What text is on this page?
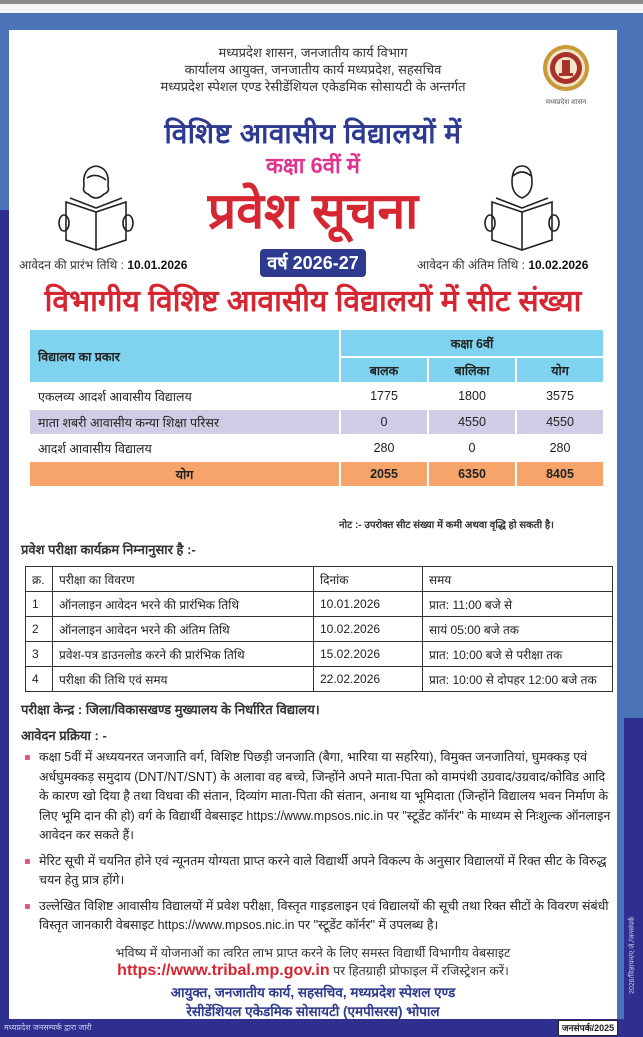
2026/विज्ञापन/ए.जे./जनसंपर्क
मध्यप्रदेश जनसम्पर्क द्वारा जारी	जनसंपर्क/2025
मध्यप्रदेश शासन, जनजातीय कार्य विभाग
कार्यालय आयुक्त, जनजातीय कार्य मध्यप्रदेश, सहसचिव
मध्यप्रदेश स्पेशल एण्ड रेसीडेंशियल एकेडमिक सोसायटी के अन्तर्गत
मध्यप्रदेश शासन
विशिष्ट आवासीय विद्यालयों में
कक्षा 6वीं में
प्रवेश सूचना
आवेदन की प्रारंभ तिथि : 10.01.2026	वर्ष 2026-27	आवेदन की अंतिम तिथि : 10.02.2026
विभागीय विशिष्ट आवासीय विद्यालयों में सीट संख्या
विद्यालय का प्रकार	कक्षा 6वीं		
	बालक	बालिका	योग
एकलव्य आदर्श आवासीय विद्यालय	1775	1800	3575
माता शबरी आवासीय कन्या शिक्षा परिसर	0	4550	4550
आदर्श आवासीय विद्यालय	280	0	280
योग	2055	6350	8405
नोट :- उपरोक्त सीट संख्या में कमी अथवा वृद्धि हो सकती है।
प्रवेश परीक्षा कार्यक्रम निम्नानुसार है :-
क्र.	परीक्षा का विवरण	दिनांक	समय
1	ऑनलाइन आवेदन भरने की प्रारंभिक तिथि	10.01.2026	प्रात: 11:00 बजे से
2	ऑनलाइन आवेदन भरने की अंतिम तिथि	10.02.2026	सायं 05:00 बजे तक
3	प्रवेश-पत्र डाउनलोड करने की प्रारंभिक तिथि	15.02.2026	प्रात: 10:00 बजे से परीक्षा तक
4	परीक्षा की तिथि एवं समय	22.02.2026	प्रात: 10:00 से दोपहर 12:00 बजे तक
परीक्षा केन्द्र : जिला/विकासखण्ड मुख्यालय के निर्धारित विद्यालय।
आवेदन प्रक्रिया : -
कक्षा 5वीं में अध्ययनरत जनजाति वर्ग, विशिष्ट पिछड़ी जनजाति (बैगा, भारिया या सहरिया), विमुक्त जनजातियां, घुमक्कड़ एवं अर्धघुमक्कड़ समुदाय (DNT/NT/SNT) के अलावा वह बच्चे, जिन्होंने अपने माता-पिता को वामपंथी उग्रवाद/उग्रवाद/कोविड आदि के कारण खो दिया है तथा विधवा की संतान, दिव्यांग माता-पिता की संतान, अनाथ या भूमिदाता (जिन्होंने विद्यालय भवन निर्माण के लिए भूमि दान की हो) वर्ग के विद्यार्थी वेबसाइट https://www.mpsos.nic.in पर "स्टूडेंट कॉर्नर" के माध्यम से निःशुल्क ऑनलाइन आवेदन कर सकते हैं।
मेरिट सूची में चयनित होने एवं न्यूनतम योग्यता प्राप्त करने वाले विद्यार्थी अपने विकल्प के अनुसार विद्यालयों में रिक्त सीट के विरुद्ध चयन हेतु प्रात्र होंगे।
उल्लेखित विशिष्ट आवासीय विद्यालयों में प्रवेश परीक्षा, विस्तृत गाइडलाइन एवं विद्यालयों की सूची तथा रिक्त सीटों के विवरण संबंधी विस्तृत जानकारी वेबसाइट https://www.mpsos.nic.in पर "स्टूडेंट कॉर्नर" में उपलब्ध है।
भविष्य में योजनाओं का त्वरित लाभ प्राप्त करने के लिए समस्त विद्यार्थी विभागीय वेबसाइट
https://www.tribal.mp.gov.in पर हितग्राही प्रोफाइल में रजिस्ट्रेशन करें।
आयुक्त, जनजातीय कार्य, सहसचिव, मध्यप्रदेश स्पेशल एण्ड
रेसीडेंशियल एकेडमिक सोसायटी (एमपीसरस) भोपाल
